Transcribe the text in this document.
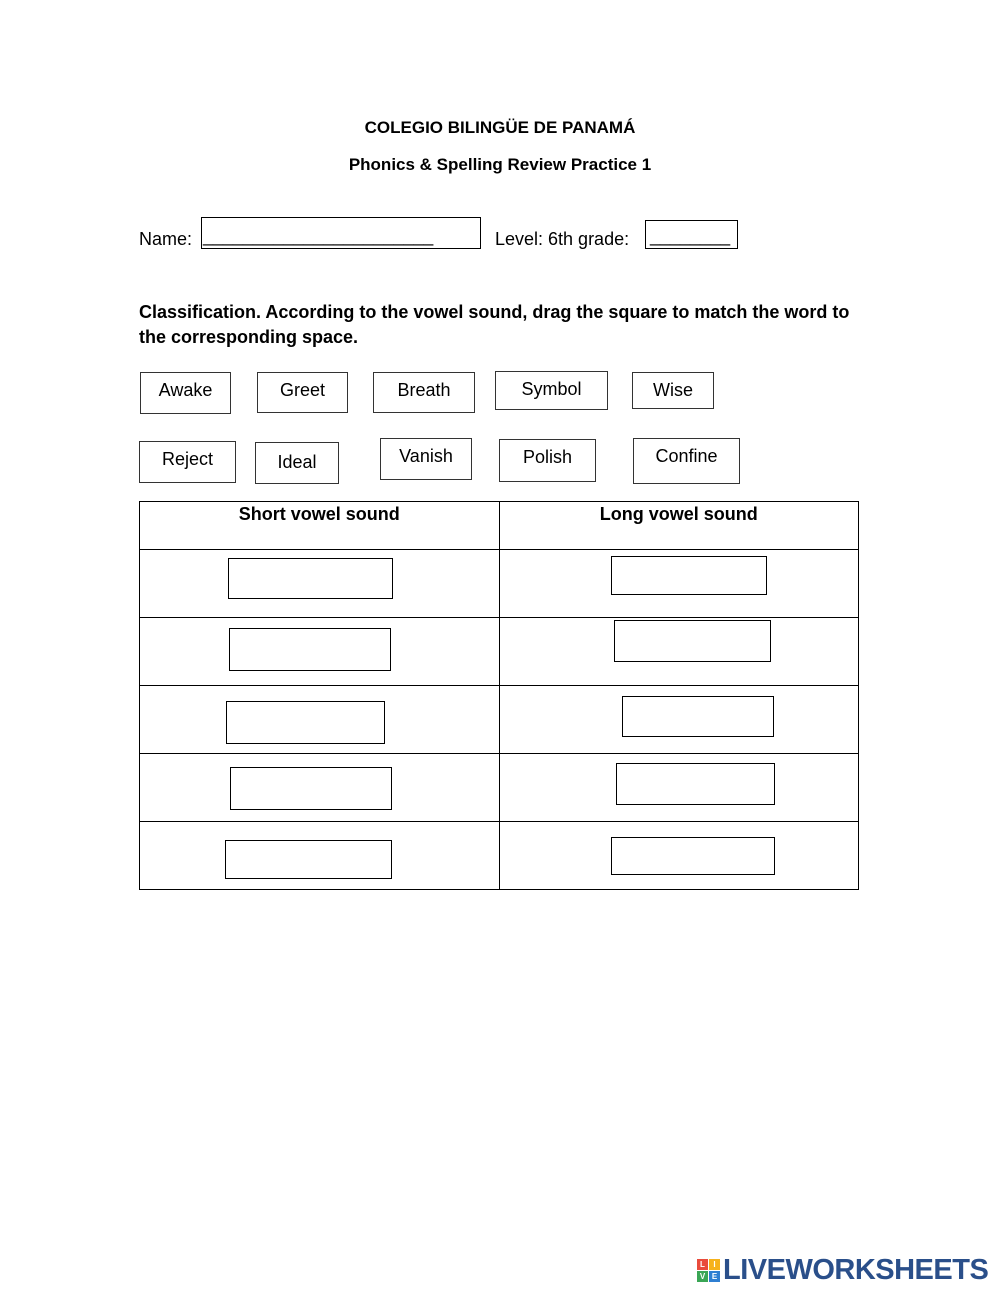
COLEGIO BILINGÜE DE PANAMÁ
Phonics & Spelling Review Practice 1
Name: _______________________	Level: 6th grade: ________
Classification. According to the vowel sound, drag the square to match the word to the corresponding space.
Awake	Greet	Breath	Symbol	Wise
Reject	Ideal	Vanish	Polish	Confine
Short vowel sound	Long vowel sound

L	I
V E LIVEWORKSHEETS
